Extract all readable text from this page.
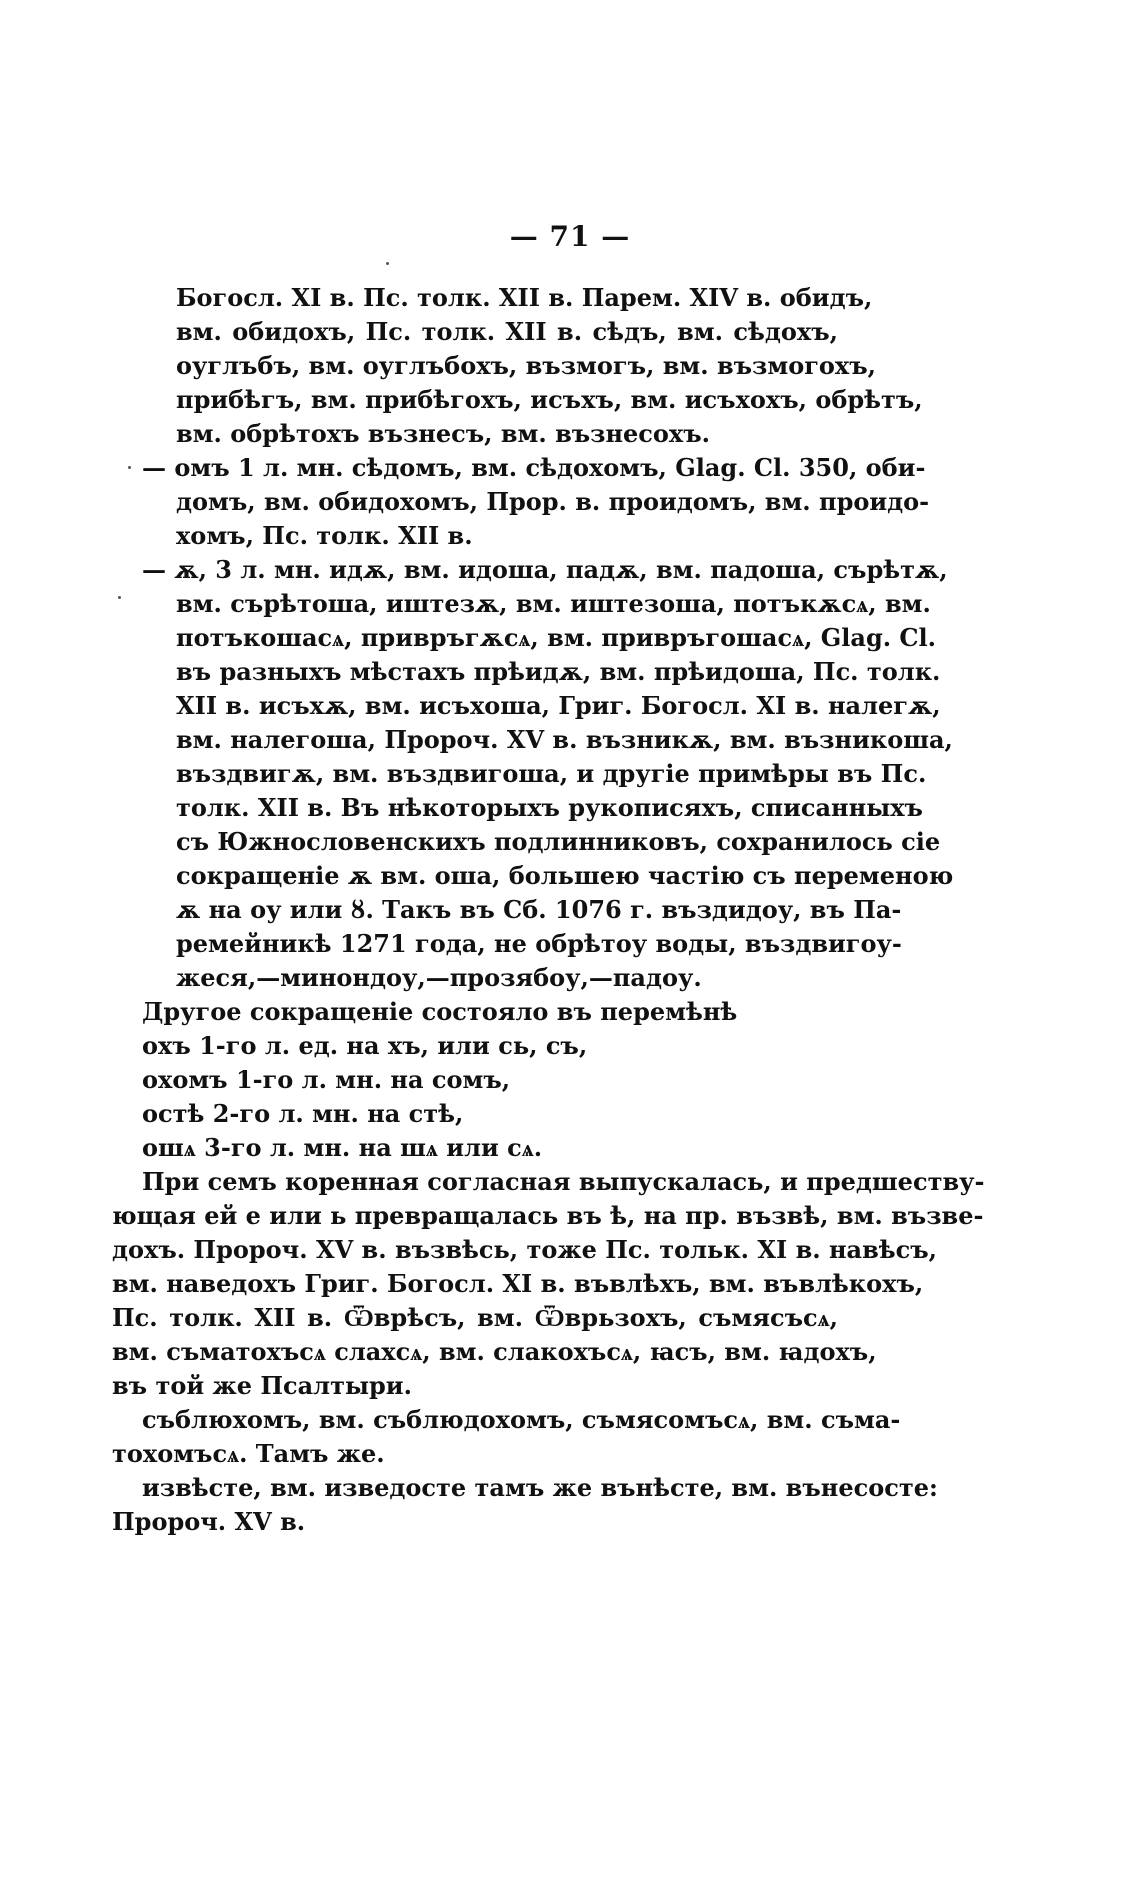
— 71 —
Богосл. XI в. Пс. толк. XII в. Парем. XIV в. обидъ,
вм. обидохъ, Пс. толк. XII в. сѣдъ, вм. сѣдохъ,
оуглъбъ, вм. оуглъбохъ, възмогъ, вм. възмогохъ,
прибѣгъ, вм. прибѣгохъ, исъхъ, вм. исъхохъ, обрѣтъ,
вм. обрѣтохъ възнесъ, вм. възнесохъ.
— омъ 1 л. мн. сѣдомъ, вм. сѣдохомъ, Glag. Cl. 350, оби-
домъ, вм. обидохомъ, Прор. в. проидомъ, вм. проидо-
хомъ, Пс. толк. XII в.
— ѫ, 3 л. мн. идѫ, вм. идоша, падѫ, вм. падоша, сърѣтѫ,
вм. сърѣтоша, иштезѫ, вм. иштезоша, потъкѫсѧ, вм.
потъкошасѧ, привръгѫсѧ, вм. привръгошасѧ, Glag. Cl.
въ разныхъ мѣстахъ прѣидѫ, вм. прѣидоша, Пс. толк.
XII в. исъхѫ, вм. исъхоша, Григ. Богосл. XI в. налегѫ,
вм. налегоша, Пророч. XV в. възникѫ, вм. възникоша,
въздвигѫ, вм. въздвигоша, и другіе примѣры въ Пс.
толк. XII в. Въ нѣкоторыхъ рукописяхъ, списанныхъ
съ Южнословенскихъ подлинниковъ, сохранилось сіе
сокращеніе ѫ вм. оша, большею частію съ переменою
ѫ на оу или ȣ. Такъ въ Сб. 1076 г. въздидоу, въ Па-
ремейникѣ 1271 года, не обрѣтоу воды, въздвигоу-
жеся,—минондоу,—прозябоу,—падоу.
Другое сокращеніе состояло въ перемѣнѣ
охъ 1-го л. ед. на хъ, или сь, съ,
охомъ 1-го л. мн. на сомъ,
остѣ 2-го л. мн. на стѣ,
ошѧ 3-го л. мн. на шѧ или сѧ.
При семъ коренная согласная выпускалась, и предшеству-
ющая ей е или ь превращалась въ ѣ, на пр. възвѣ, вм. възве-
дохъ. Пророч. XV в. възвѣсь, тоже Пс. тольк. XI в. навѣсъ,
вм. наведохъ Григ. Богосл. XI в. въвлѣхъ, вм. въвлѣкохъ,
Пс. толк. XII в. Ѿврѣсъ, вм. Ѿврьзохъ, съмясъсѧ,
вм. съматохъсѧ слахсѧ, вм. слакохъсѧ, ꙗсъ, вм. ꙗдохъ,
въ той же Псалтыри.
съблюхомъ, вм. съблюдохомъ, съмясомъсѧ, вм. съма-
тохомъсѧ. Тамъ же.
извѣсте, вм. изведосте тамъ же вънѣсте, вм. вънесосте:
Пророч. XV в.
